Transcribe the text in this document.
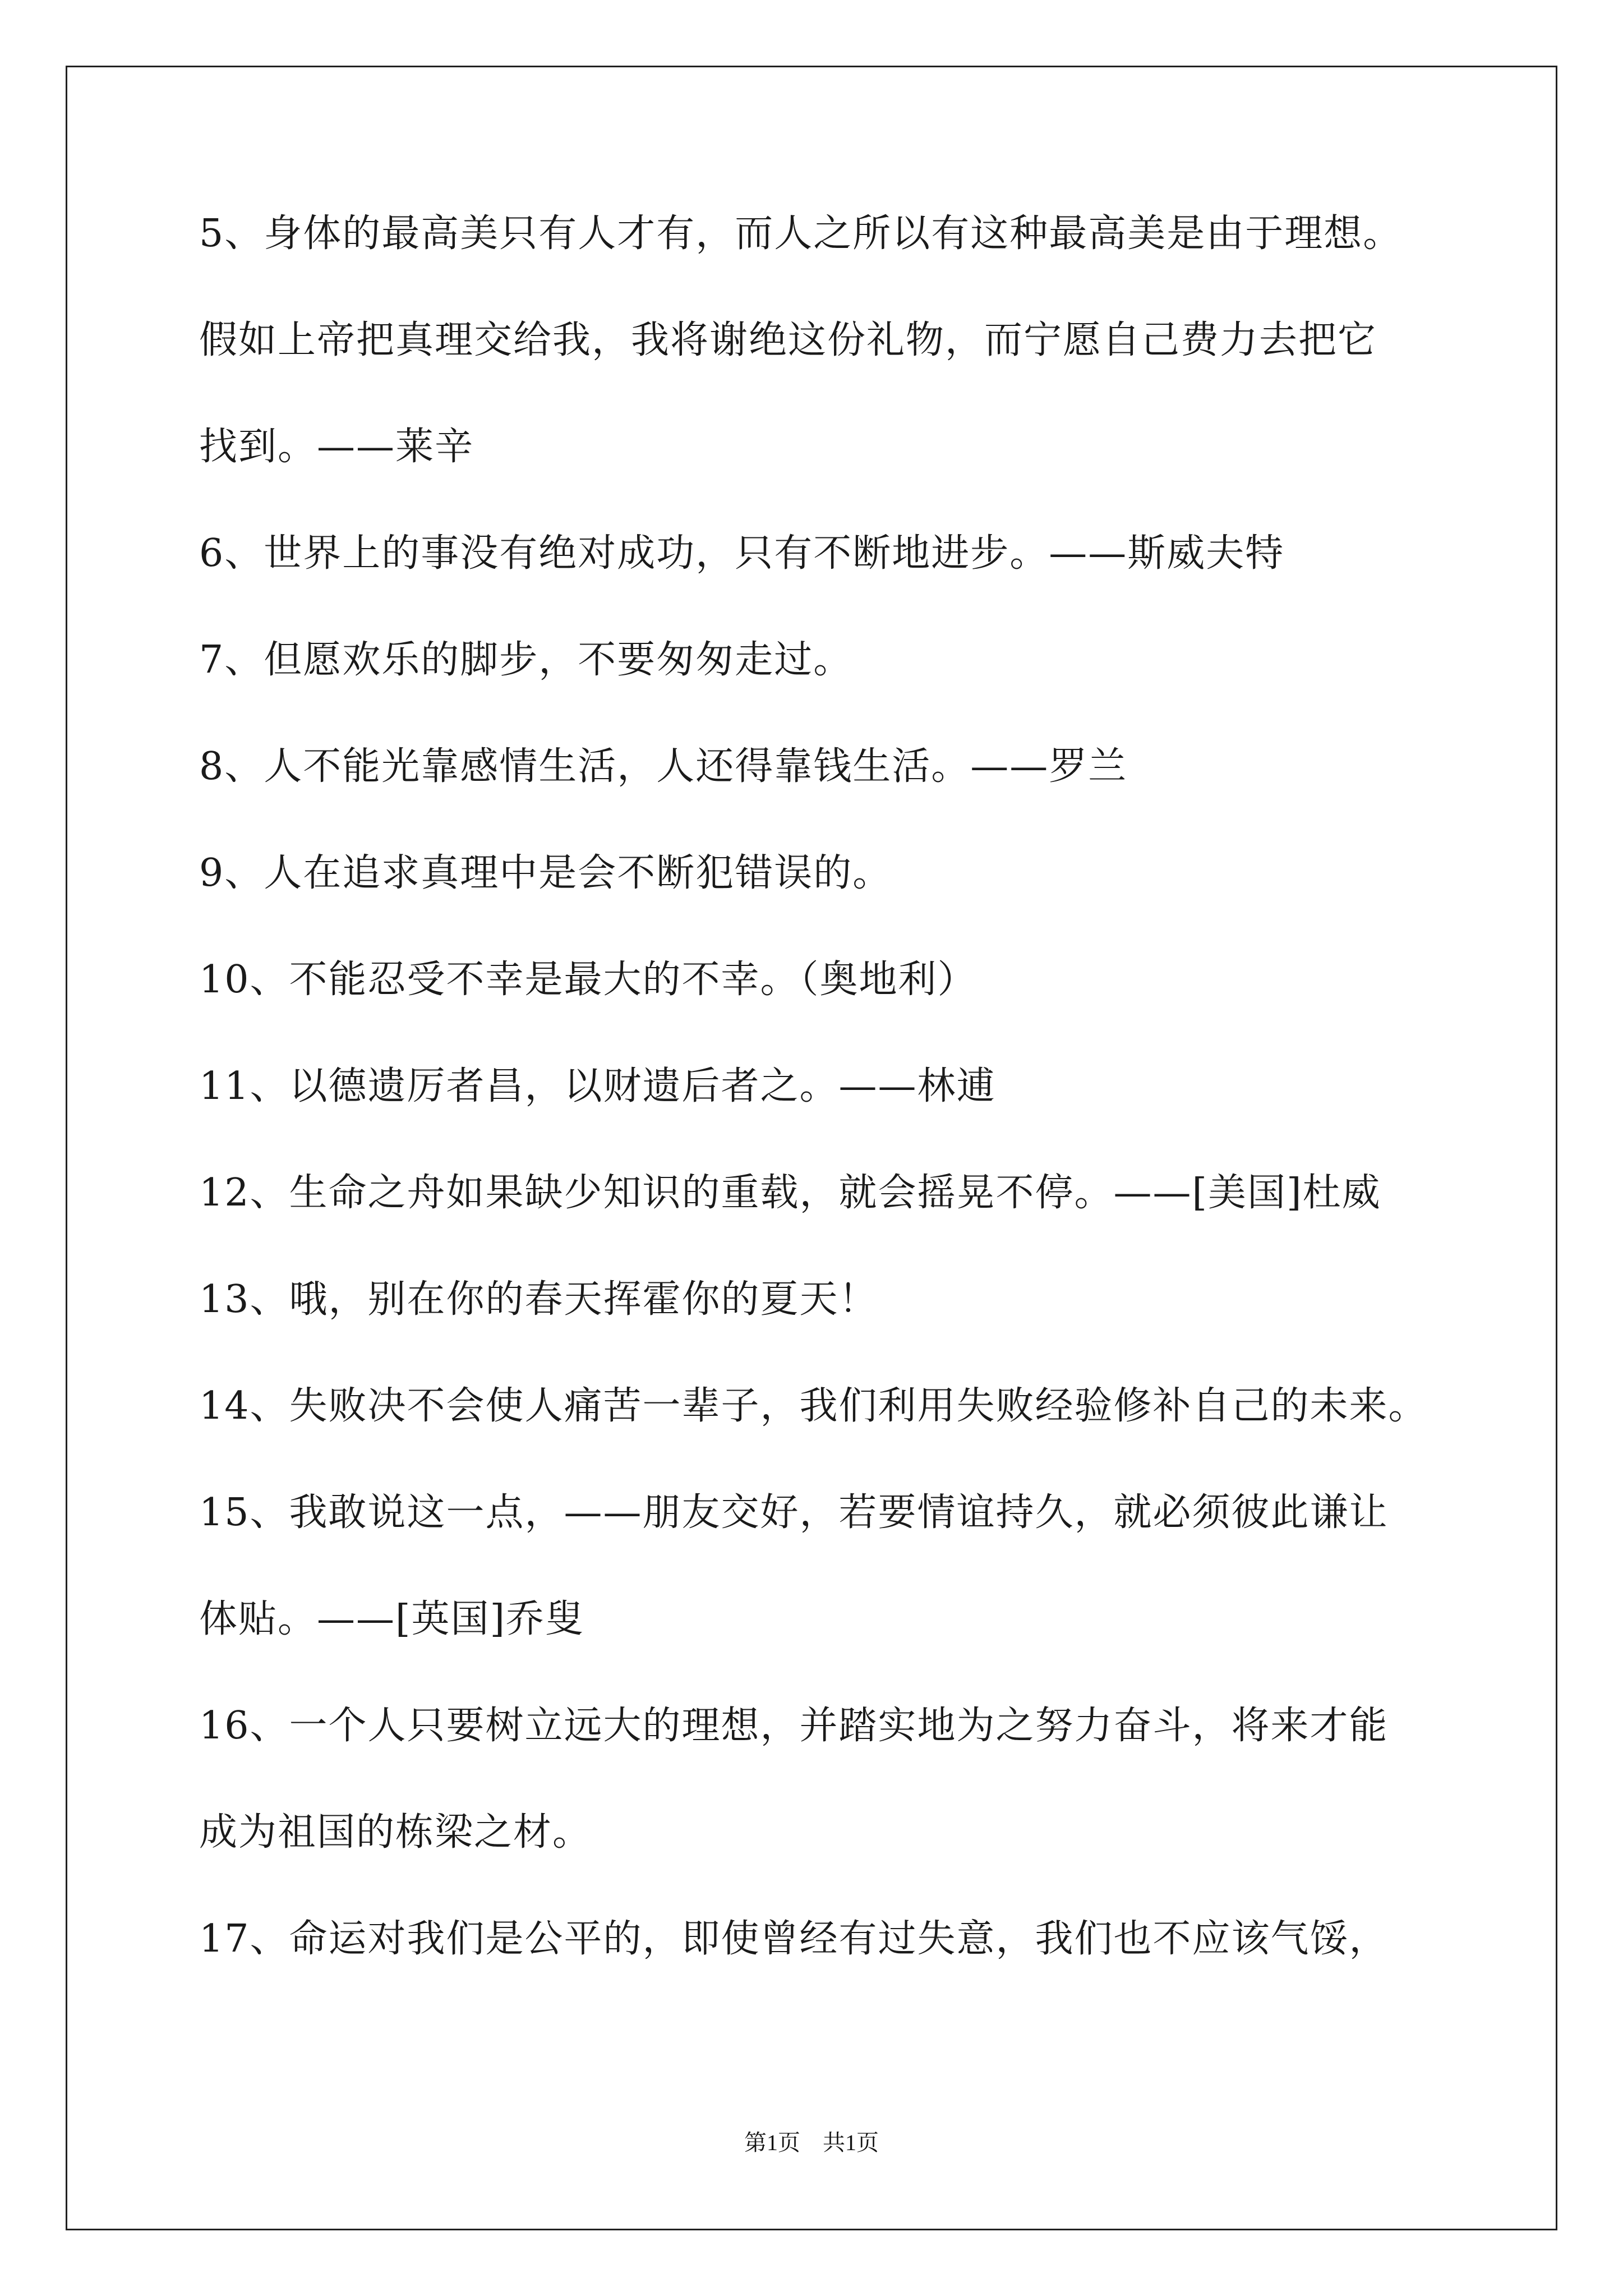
5、身体的最高美只有人才有，而人之所以有这种最高美是由于理想。
假如上帝把真理交给我，我将谢绝这份礼物，而宁愿自己费力去把它
找到。——莱辛
6、世界上的事没有绝对成功，只有不断地进步。——斯威夫特
7、但愿欢乐的脚步，不要匆匆走过。
8、人不能光靠感情生活，人还得靠钱生活。——罗兰
9、人在追求真理中是会不断犯错误的。
10、不能忍受不幸是最大的不幸。（奥地利）
11、以德遗厉者昌，以财遗后者之。——林逋
12、生命之舟如果缺少知识的重载，就会摇晃不停。——[美国]杜威
13、哦，别在你的春天挥霍你的夏天！
14、失败决不会使人痛苦一辈子，我们利用失败经验修补自己的未来。
15、我敢说这一点，——朋友交好，若要情谊持久，就必须彼此谦让
体贴。——[英国]乔叟
16、一个人只要树立远大的理想，并踏实地为之努力奋斗，将来才能
成为祖国的栋梁之材。
17、命运对我们是公平的，即使曾经有过失意，我们也不应该气馁，
第1页 共1页
